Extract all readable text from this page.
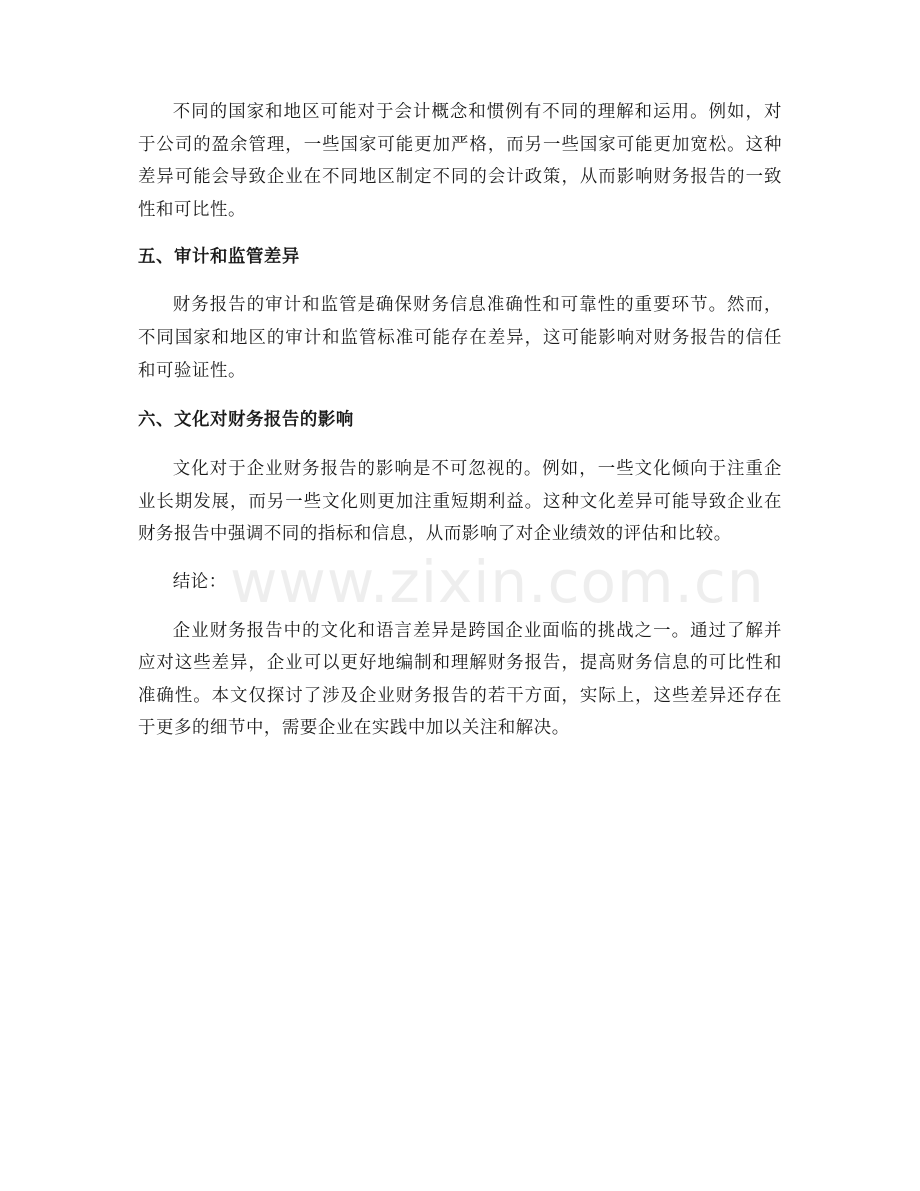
不同的国家和地区可能对于会计概念和惯例有不同的理解和运用。例如，对于公司的盈余管理，一些国家可能更加严格，而另一些国家可能更加宽松。这种差异可能会导致企业在不同地区制定不同的会计政策，从而影响财务报告的一致性和可比性。

五、审计和监管差异

财务报告的审计和监管是确保财务信息准确性和可靠性的重要环节。然而，不同国家和地区的审计和监管标准可能存在差异，这可能影响对财务报告的信任和可验证性。

六、文化对财务报告的影响

文化对于企业财务报告的影响是不可忽视的。例如，一些文化倾向于注重企业长期发展，而另一些文化则更加注重短期利益。这种文化差异可能导致企业在财务报告中强调不同的指标和信息，从而影响了对企业绩效的评估和比较。

结论：

企业财务报告中的文化和语言差异是跨国企业面临的挑战之一。通过了解并应对这些差异，企业可以更好地编制和理解财务报告，提高财务信息的可比性和准确性。本文仅探讨了涉及企业财务报告的若干方面，实际上，这些差异还存在于更多的细节中，需要企业在实践中加以关注和解决。

www.zixin.com.cn
